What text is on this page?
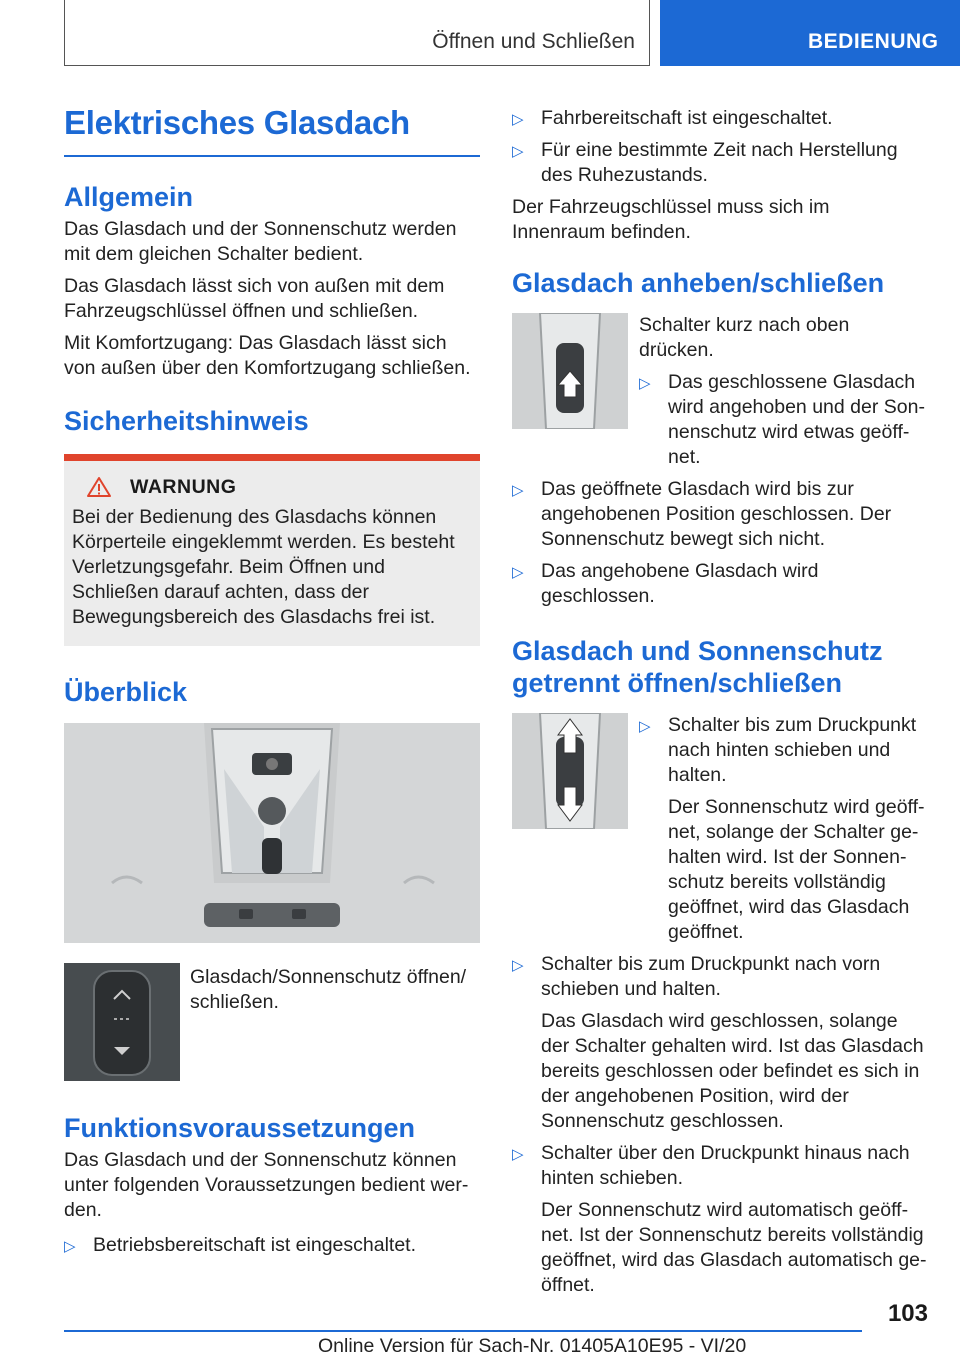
Öffnen und Schließen	BEDIENUNG
Elektrisches Glasdach
Allgemein
Das Glasdach und der Sonnenschutz werden mit dem gleichen Schalter bedient.
Das Glasdach lässt sich von außen mit dem Fahrzeugschlüssel öffnen und schließen.
Mit Komfortzugang: Das Glasdach lässt sich von außen über den Komfortzugang schließen.
Sicherheitshinweis
WARNUNG
Bei der Bedienung des Glasdachs können Körperteile eingeklemmt werden. Es besteht Verletzungsgefahr. Beim Öffnen und Schließen darauf achten, dass der Bewegungsbereich des Glasdachs frei ist.
Überblick
Glasdach/Sonnenschutz öffnen/ schließen.
Funktionsvoraussetzungen
Das Glasdach und der Sonnenschutz können unter folgenden Voraussetzungen bedient werden.
▷ Betriebsbereitschaft ist eingeschaltet.
▷ Fahrbereitschaft ist eingeschaltet.
▷ Für eine bestimmte Zeit nach Herstellung des Ruhezustands.
Der Fahrzeugschlüssel muss sich im Innenraum befinden.
Glasdach anheben/schließen
Schalter kurz nach oben drücken.
▷ Das geschlossene Glasdach wird angehoben und der Sonnenschutz wird etwas geöffnet.
▷ Das geöffnete Glasdach wird bis zur angehobenen Position geschlossen. Der Sonnenschutz bewegt sich nicht.
▷ Das angehobene Glasdach wird geschlossen.
Glasdach und Sonnenschutz
getrennt öffnen/schließen
▷ Schalter bis zum Druckpunkt nach hinten schieben und halten.
Der Sonnenschutz wird geöffnet, solange der Schalter gehalten wird. Ist der Sonnenschutz bereits vollständig geöffnet, wird das Glasdach geöffnet.
▷ Schalter bis zum Druckpunkt nach vorn schieben und halten.
Das Glasdach wird geschlossen, solange der Schalter gehalten wird. Ist das Glasdach bereits geschlossen oder befindet es sich in der angehobenen Position, wird der Sonnenschutz geschlossen.
▷ Schalter über den Druckpunkt hinaus nach hinten schieben.
Der Sonnenschutz wird automatisch geöffnet. Ist der Sonnenschutz bereits vollständig geöffnet, wird das Glasdach automatisch geöffnet.
103
Online Version für Sach-Nr. 01405A10E95 - VI/20
